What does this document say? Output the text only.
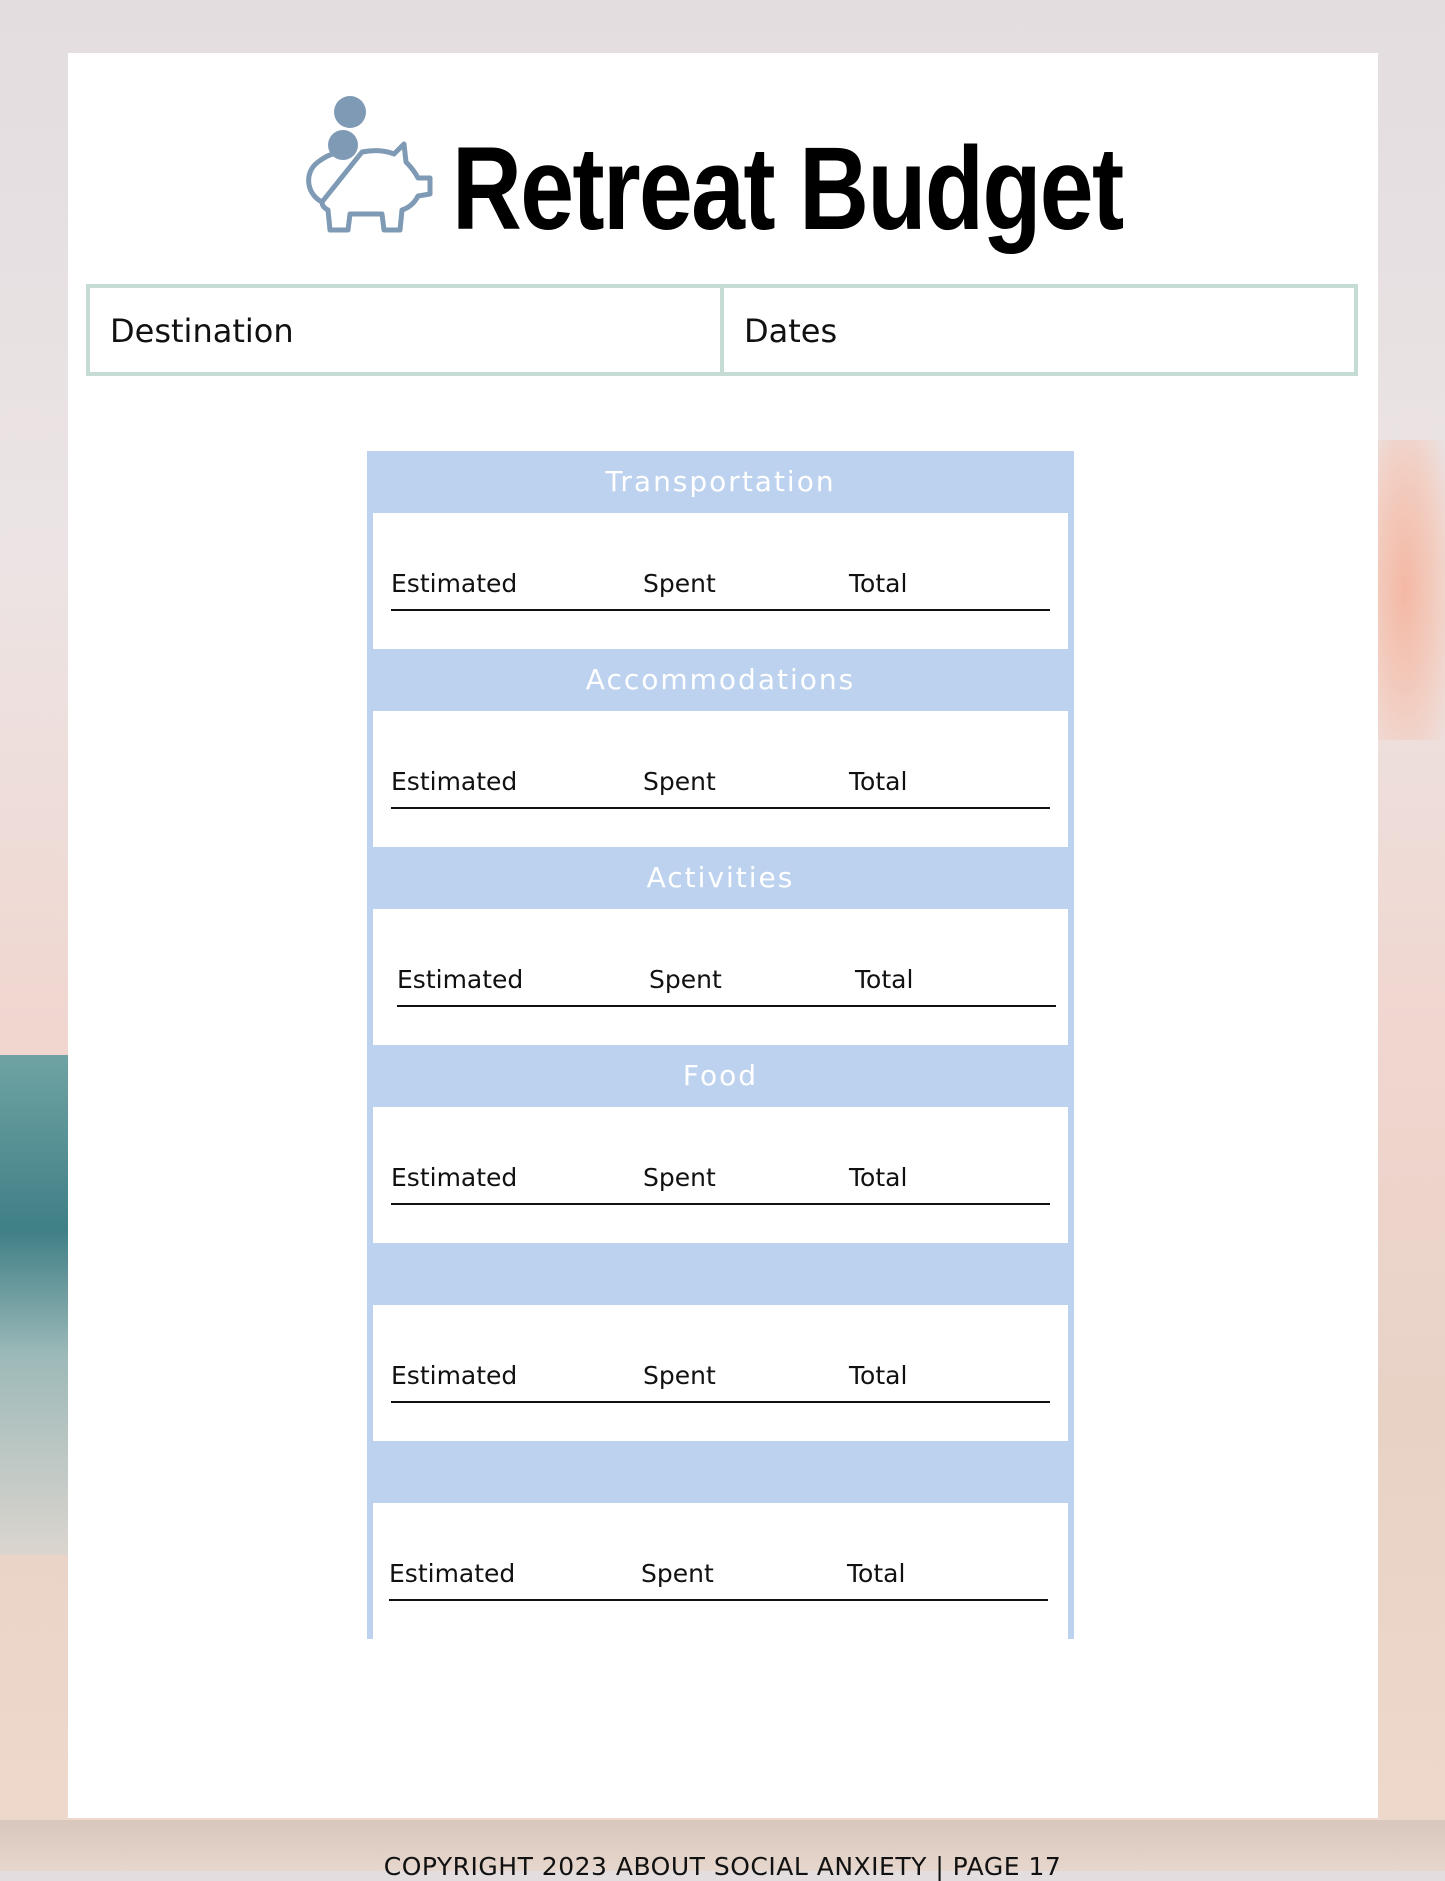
Retreat Budget
Destination	Dates
Transportation
Estimated	Spent	Total
Accommodations
Estimated	Spent	Total
Activities
Estimated	Spent	Total
Food
Estimated	Spent	Total
Estimated	Spent	Total
Estimated	Spent	Total
COPYRIGHT 2023 ABOUT SOCIAL ANXIETY | PAGE 17
